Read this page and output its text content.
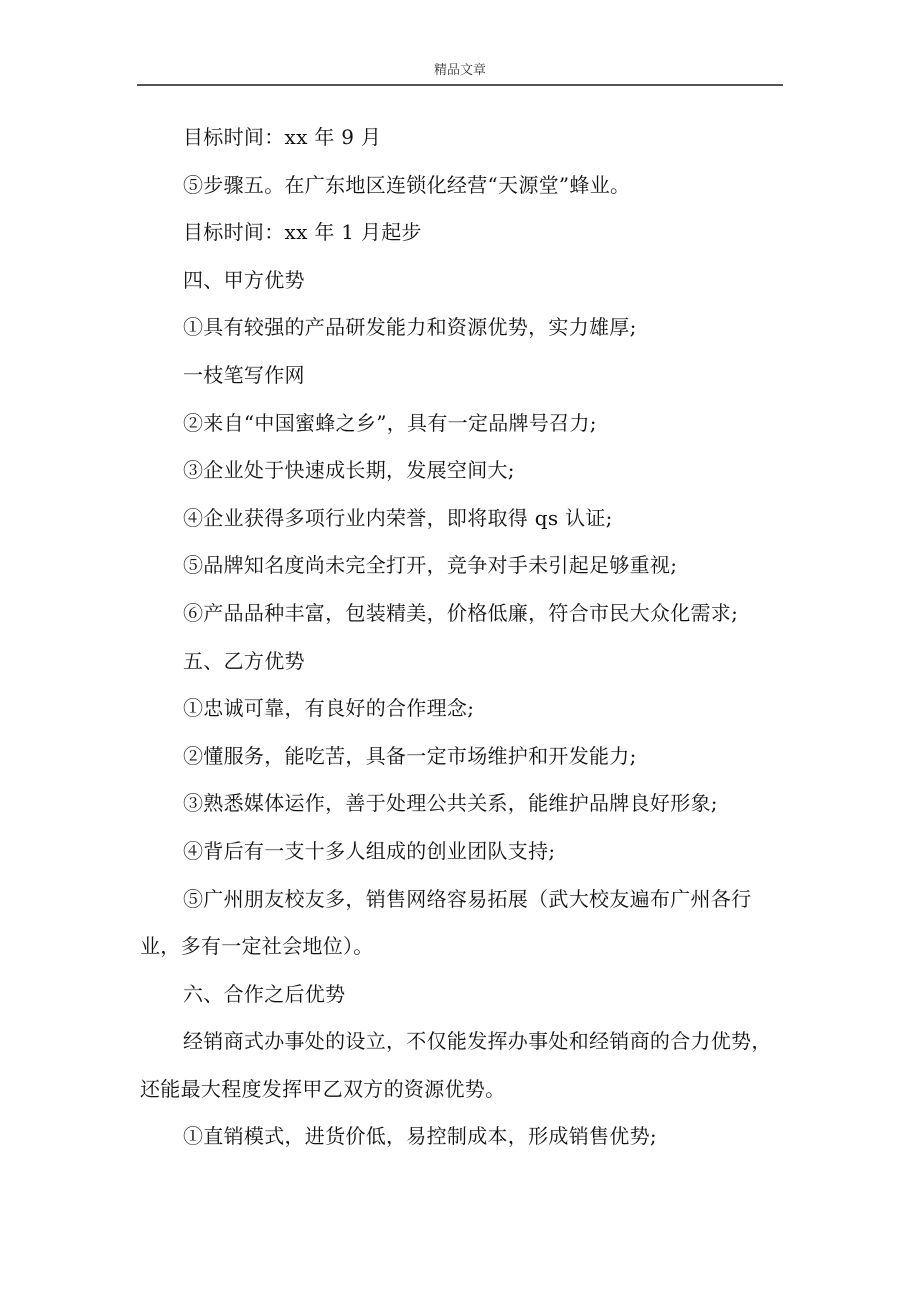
精品文章

目标时间：xx 年 9 月

⑤步骤五。在广东地区连锁化经营“天源堂”蜂业。

目标时间：xx 年 1 月起步

四、甲方优势

①具有较强的产品研发能力和资源优势，实力雄厚;

一枝笔写作网

②来自“中国蜜蜂之乡”，具有一定品牌号召力;

③企业处于快速成长期，发展空间大;

④企业获得多项行业内荣誉，即将取得 qs 认证;

⑤品牌知名度尚未完全打开，竞争对手未引起足够重视;

⑥产品品种丰富，包装精美，价格低廉，符合市民大众化需求;

五、乙方优势

①忠诚可靠，有良好的合作理念;

②懂服务，能吃苦，具备一定市场维护和开发能力;

③熟悉媒体运作，善于处理公共关系，能维护品牌良好形象;

④背后有一支十多人组成的创业团队支持;

⑤广州朋友校友多，销售网络容易拓展（武大校友遍布广州各行业，多有一定社会地位）。

六、合作之后优势

经销商式办事处的设立，不仅能发挥办事处和经销商的合力优势，还能最大程度发挥甲乙双方的资源优势。

①直销模式，进货价低，易控制成本，形成销售优势;
